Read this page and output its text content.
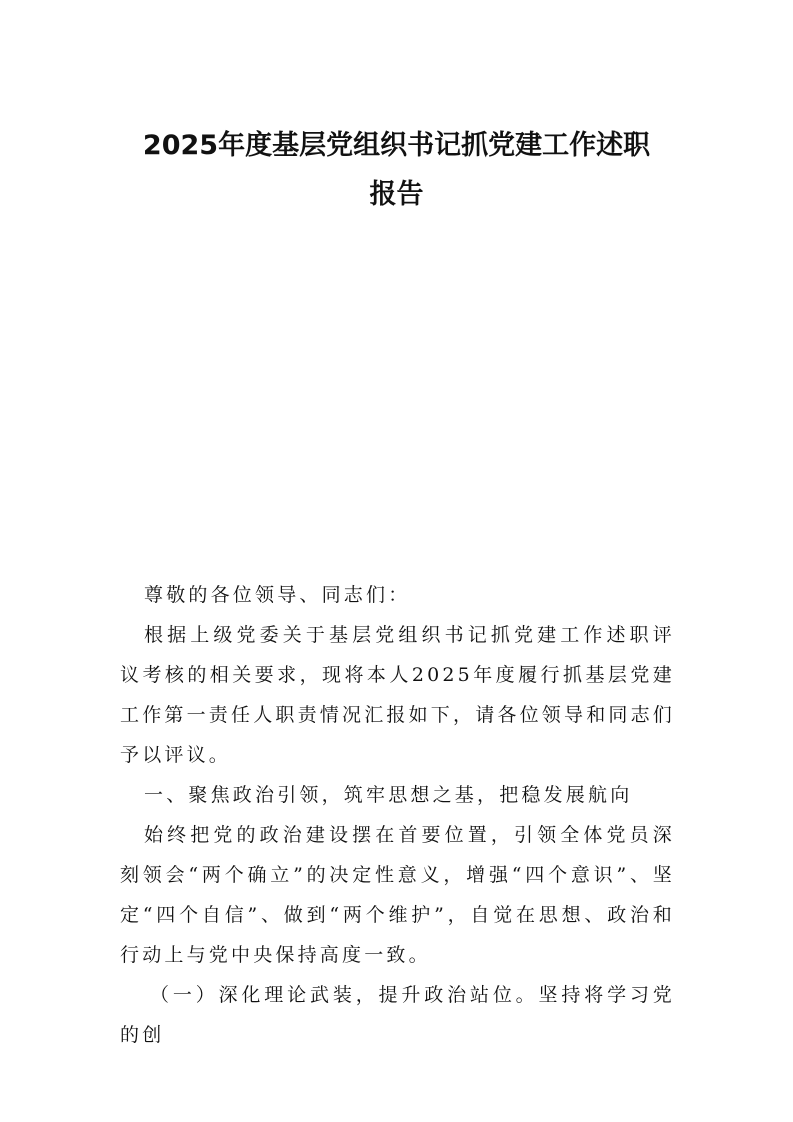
2025年度基层党组织书记抓党建工作述职
报告

尊敬的各位领导、同志们：

根据上级党委关于基层党组织书记抓党建工作述职评议考核的相关要求，现将本人2025年度履行抓基层党建工作第一责任人职责情况汇报如下，请各位领导和同志们予以评议。

一、聚焦政治引领，筑牢思想之基，把稳发展航向

始终把党的政治建设摆在首要位置，引领全体党员深刻领会“两个确立”的决定性意义，增强“四个意识”、坚定“四个自信”、做到“两个维护”，自觉在思想、政治和行动上与党中央保持高度一致。

（一）深化理论武装，提升政治站位。坚持将学习党的创
